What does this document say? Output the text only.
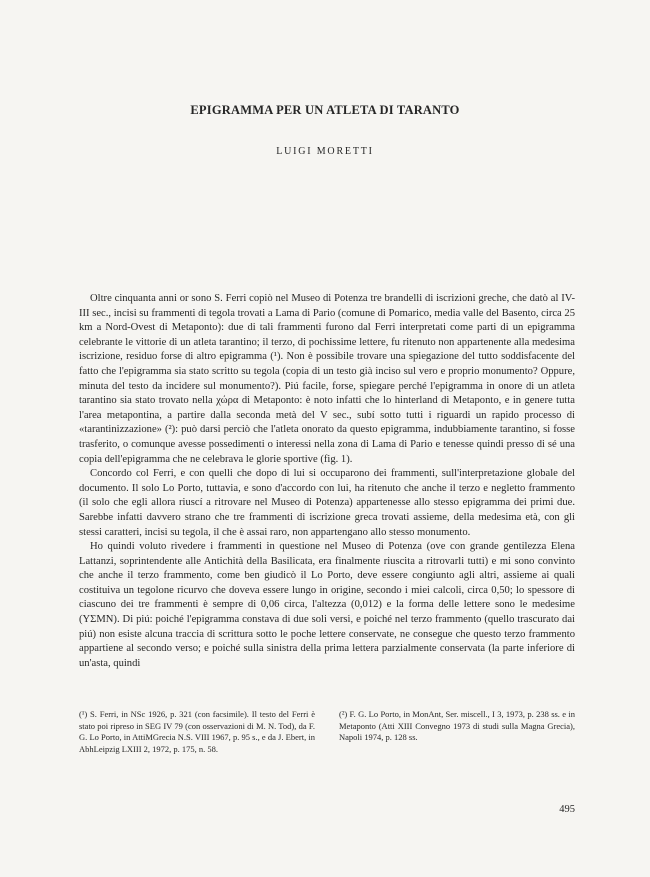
EPIGRAMMA PER UN ATLETA DI TARANTO
LUIGI MORETTI

Oltre cinquanta anni or sono S. Ferri copiò nel Museo di Potenza tre brandelli di iscrizioni greche, che datò al IV-III sec., incisi su frammenti di tegola trovati a Lama di Pario (comune di Pomarico, media valle del Basento, circa 25 km a Nord-Ovest di Metaponto): due di tali frammenti furono dal Ferri interpretati come parti di un epigramma celebrante le vittorie di un atleta tarantino; il terzo, di pochissime lettere, fu ritenuto non appartenente alla medesima iscrizione, residuo forse di altro epigramma (¹). Non è possibile trovare una spiegazione del tutto soddisfacente del fatto che l'epigramma sia stato scritto su tegola (copia di un testo già inciso sul vero e proprio monumento? Oppure, minuta del testo da incidere sul monumento?). Piú facile, forse, spiegare perché l'epigramma in onore di un atleta tarantino sia stato trovato nella χώρα di Metaponto: è noto infatti che lo hinterland di Metaponto, e in genere tutta l'area metapontina, a partire dalla seconda metà del V sec., subí sotto tutti i riguardi un rapido processo di «tarantinizzazione» (²): può darsi perciò che l'atleta onorato da questo epigramma, indubbiamente tarantino, si fosse trasferito, o comunque avesse possedimenti o interessi nella zona di Lama di Pario e tenesse quindi presso di sé una copia dell'epigramma che ne celebrava le glorie sportive (fig. 1).

Concordo col Ferri, e con quelli che dopo di lui si occuparono dei frammenti, sull'interpretazione globale del documento. Il solo Lo Porto, tuttavia, e sono d'accordo con lui, ha ritenuto che anche il terzo e negletto frammento (il solo che egli allora riuscí a ritrovare nel Museo di Potenza) appartenesse allo stesso epigramma dei primi due. Sarebbe infatti davvero strano che tre frammenti di iscrizione greca trovati assieme, della medesima età, con gli stessi caratteri, incisi su tegola, il che è assai raro, non appartengano allo stesso monumento.

Ho quindi voluto rivedere i frammenti in questione nel Museo di Potenza (ove con grande gentilezza Elena Lattanzi, soprintendente alle Antichità della Basilicata, era finalmente riuscita a ritrovarli tutti) e mi sono convinto che anche il terzo frammento, come ben giudicò il Lo Porto, deve essere congiunto agli altri, assieme ai quali costituiva un tegolone ricurvo che doveva essere lungo in origine, secondo i miei calcoli, circa 0,50; lo spessore di ciascuno dei tre frammenti è sempre di 0,06 circa, l'altezza (0,012) e la forma delle lettere sono le medesime (ΥΣΜΝ). Di piú: poiché l'epigramma constava di due soli versi, e poiché nel terzo frammento (quello trascurato dai piú) non esiste alcuna traccia di scrittura sotto le poche lettere conservate, ne consegue che questo terzo frammento appartiene al secondo verso; e poiché sulla sinistra della prima lettera parzialmente conservata (la parte inferiore di un'asta, quindi

(¹) S. Ferri, in NSc 1926, p. 321 (con facsimile). Il testo del Ferri è stato poi ripreso in SEG IV 79 (con osservazioni di M. N. Tod), da F. G. Lo Porto, in AttiMGrecia N.S. VIII 1967, p. 95 s., e da J. Ebert, in AbhLeipzig LXIII 2, 1972, p. 175, n. 58.

(²) F. G. Lo Porto, in MonAnt, Ser. miscell., I 3, 1973, p. 238 ss. e in Metaponto (Atti XIII Convegno 1973 di studi sulla Magna Grecia), Napoli 1974, p. 128 ss.

495
